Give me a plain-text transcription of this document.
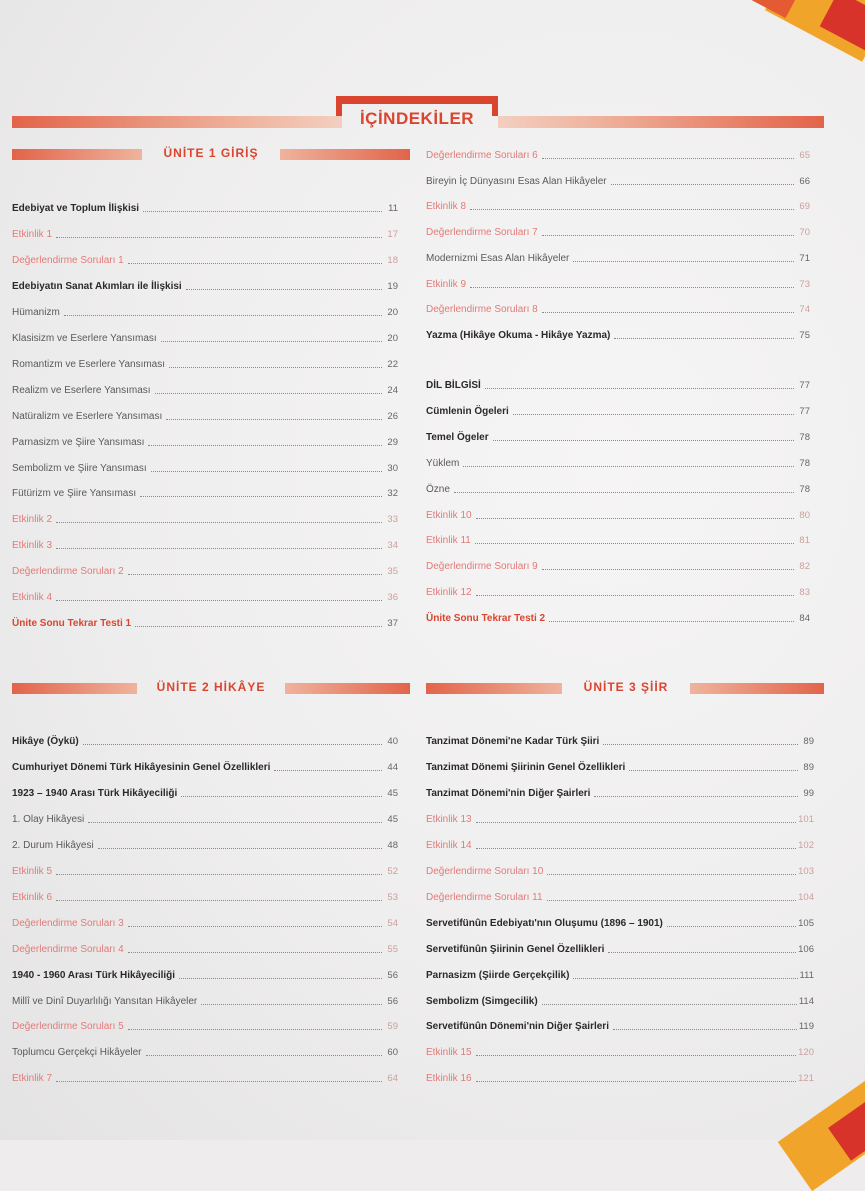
İÇİNDEKİLER
ÜNİTE 1 GİRİŞ
ÜNİTE 2 HİKÂYE	ÜNİTE 3 ŞİİR
Edebiyat ve Toplum İlişkisi	11
Etkinlik 1	17
Değerlendirme Soruları 1	18
Edebiyatın Sanat Akımları ile İlişkisi	19
Hümanizm	20
Klasisizm ve Eserlere Yansıması	20
Romantizm ve Eserlere Yansıması	22
Realizm ve Eserlere Yansıması	24
Natüralizm ve Eserlere Yansıması	26
Parnasizm ve Şiire Yansıması	29
Sembolizm ve Şiire Yansıması	30
Fütürizm ve Şiire Yansıması	32
Etkinlik 2	33
Etkinlik 3	34
Değerlendirme Soruları 2	35
Etkinlik 4	36
Ünite Sonu Tekrar Testi 1	37
Değerlendirme Soruları 6	65
Bireyin İç Dünyasını Esas Alan Hikâyeler	66
Etkinlik 8	69
Değerlendirme Soruları 7	70
Modernizmi Esas Alan Hikâyeler	71
Etkinlik 9	73
Değerlendirme Soruları 8	74
Yazma (Hikâye Okuma - Hikâye Yazma)	75
DİL BİLGİSİ	77
Cümlenin Ögeleri	77
Temel Ögeler	78
Yüklem	78
Özne	78
Etkinlik 10	80
Etkinlik 11	81
Değerlendirme Soruları 9	82
Etkinlik 12	83
Ünite Sonu Tekrar Testi 2	84
Hikâye (Öykü)	40
Cumhuriyet Dönemi Türk Hikâyesinin Genel Özellikleri	44
1923 – 1940 Arası Türk Hikâyeciliği	45
1. Olay Hikâyesi	45
2. Durum Hikâyesi	48
Etkinlik 5	52
Etkinlik 6	53
Değerlendirme Soruları 3	54
Değerlendirme Soruları 4	55
1940 - 1960 Arası Türk Hikâyeciliği	56
Millî ve Dinî Duyarlılığı Yansıtan Hikâyeler	56
Değerlendirme Soruları 5	59
Toplumcu Gerçekçi Hikâyeler	60
Etkinlik 7	64
Tanzimat Dönemi'ne Kadar Türk Şiiri	89
Tanzimat Dönemi Şiirinin Genel Özellikleri	89
Tanzimat Dönemi'nin Diğer Şairleri	99
Etkinlik 13	101
Etkinlik 14	102
Değerlendirme Soruları 10	103
Değerlendirme Soruları 11	104
Servetifünûn Edebiyatı'nın Oluşumu (1896 – 1901)	105
Servetifünûn Şiirinin Genel Özellikleri	106
Parnasizm (Şiirde Gerçekçilik)	111
Sembolizm (Simgecilik)	114
Servetifünûn Dönemi'nin Diğer Şairleri	119
Etkinlik 15	120
Etkinlik 16	121
